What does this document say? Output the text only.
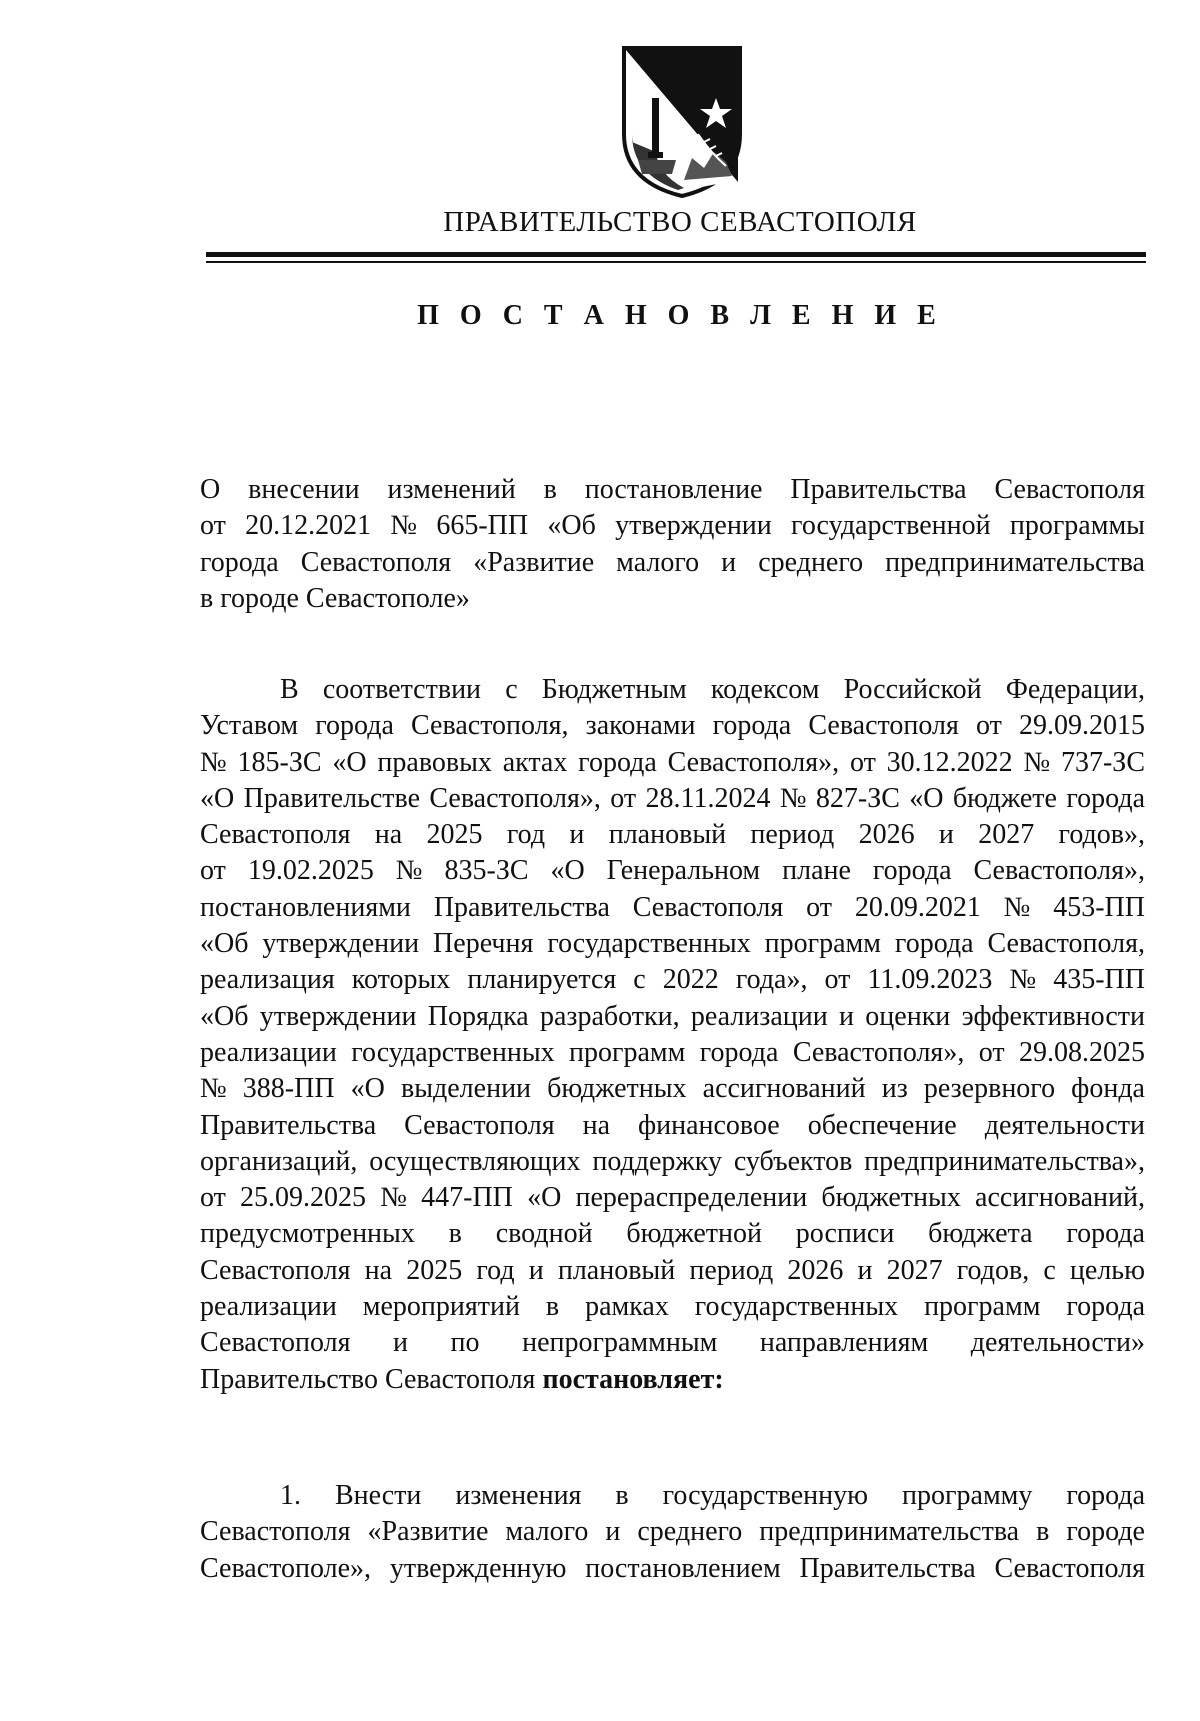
ПРАВИТЕЛЬСТВО СЕВАСТОПОЛЯ
П О С Т А Н О В Л Е Н И Е
О внесении изменений в постановление Правительства Севастополя
от 20.12.2021 № 665-ПП «Об утверждении государственной программы
города Севастополя «Развитие малого и среднего предпринимательства
в городе Севастополе»
В соответствии с Бюджетным кодексом Российской Федерации,
Уставом города Севастополя, законами города Севастополя от 29.09.2015
№ 185-ЗС «О правовых актах города Севастополя», от 30.12.2022 № 737-ЗС
«О Правительстве Севастополя», от 28.11.2024 № 827-ЗС «О бюджете города
Севастополя на 2025 год и плановый период 2026 и 2027 годов»,
от 19.02.2025 № 835-ЗС «О Генеральном плане города Севастополя»,
постановлениями Правительства Севастополя от 20.09.2021 № 453-ПП
«Об утверждении Перечня государственных программ города Севастополя,
реализация которых планируется с 2022 года», от 11.09.2023 № 435-ПП
«Об утверждении Порядка разработки, реализации и оценки эффективности
реализации государственных программ города Севастополя», от 29.08.2025
№ 388-ПП «О выделении бюджетных ассигнований из резервного фонда
Правительства Севастополя на финансовое обеспечение деятельности
организаций, осуществляющих поддержку субъектов предпринимательства»,
от 25.09.2025 № 447-ПП «О перераспределении бюджетных ассигнований,
предусмотренных в сводной бюджетной росписи бюджета города
Севастополя на 2025 год и плановый период 2026 и 2027 годов, с целью
реализации мероприятий в рамках государственных программ города
Севастополя и по непрограммным направлениям деятельности»
Правительство Севастополя постановляет:
1. Внести изменения в государственную программу города
Севастополя «Развитие малого и среднего предпринимательства в городе
Севастополе», утвержденную постановлением Правительства Севастополя
